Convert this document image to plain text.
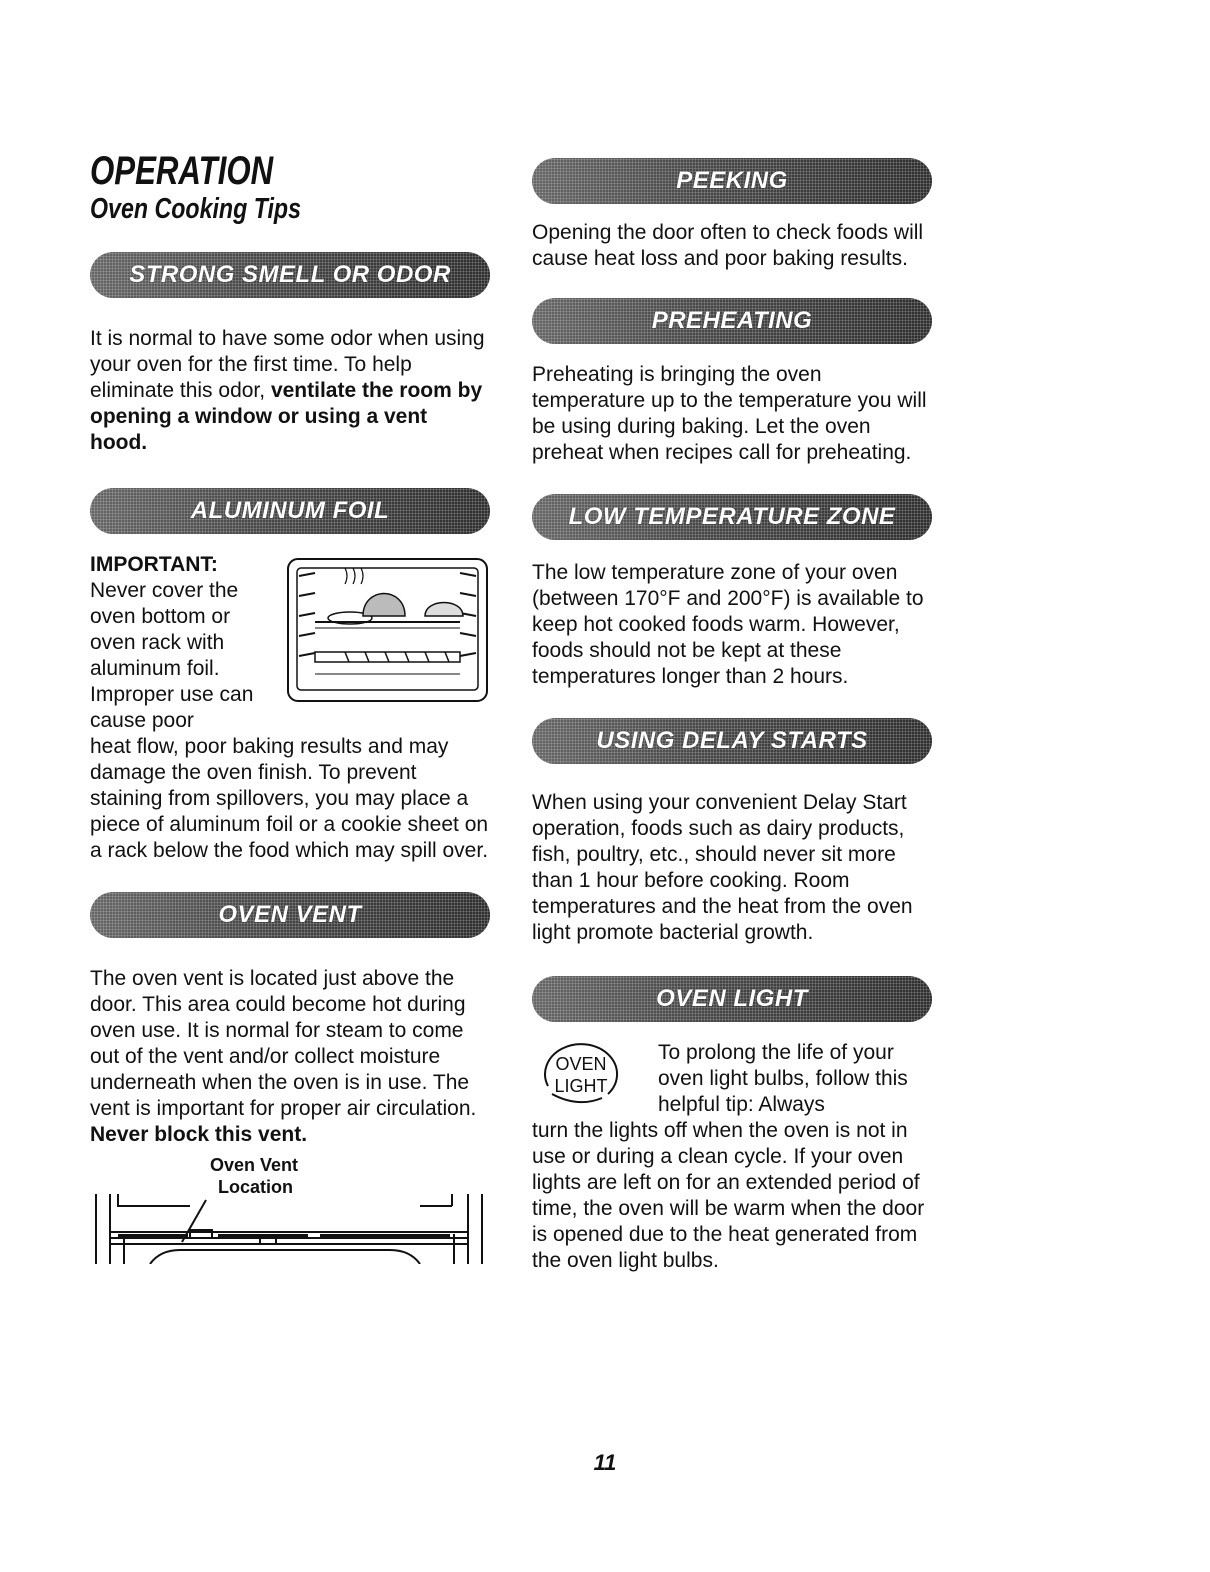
OPERATION
Oven Cooking Tips
STRONG SMELL OR ODOR

It is normal to have some odor when using your oven for the first time. To help eliminate this odor, ventilate the room by opening a window or using a vent hood.

ALUMINUM FOIL

IMPORTANT:

Never cover the oven bottom or oven rack with aluminum foil. Improper use can cause poor

heat flow, poor baking results and may damage the oven finish. To prevent staining from spillovers, you may place a piece of aluminum foil or a cookie sheet on a rack below the food which may spill over.

OVEN VENT

The oven vent is located just above the door. This area could become hot during oven use. It is normal for steam to come out of the vent and/or collect moisture underneath when the oven is in use. The vent is important for proper air circulation. Never block this vent.

Oven Vent
Location
PEEKING

Opening the door often to check foods will cause heat loss and poor baking results.

PREHEATING

Preheating is bringing the oven temperature up to the temperature you will be using during baking. Let the oven preheat when recipes call for preheating.

LOW TEMPERATURE ZONE

The low temperature zone of your oven (between 170°F and 200°F) is available to keep hot cooked foods warm. However, foods should not be kept at these temperatures longer than 2 hours.

USING DELAY STARTS

When using your convenient Delay Start operation, foods such as dairy products, fish, poultry, etc., should never sit more than 1 hour before cooking. Room temperatures and the heat from the oven light promote bacterial growth.

OVEN LIGHT
OVEN
LIGHT

To prolong the life of your oven light bulbs, follow this helpful tip: Always

turn the lights off when the oven is not in use or during a clean cycle. If your oven lights are left on for an extended period of time, the oven will be warm when the door is opened due to the heat generated from the oven light bulbs.

11
